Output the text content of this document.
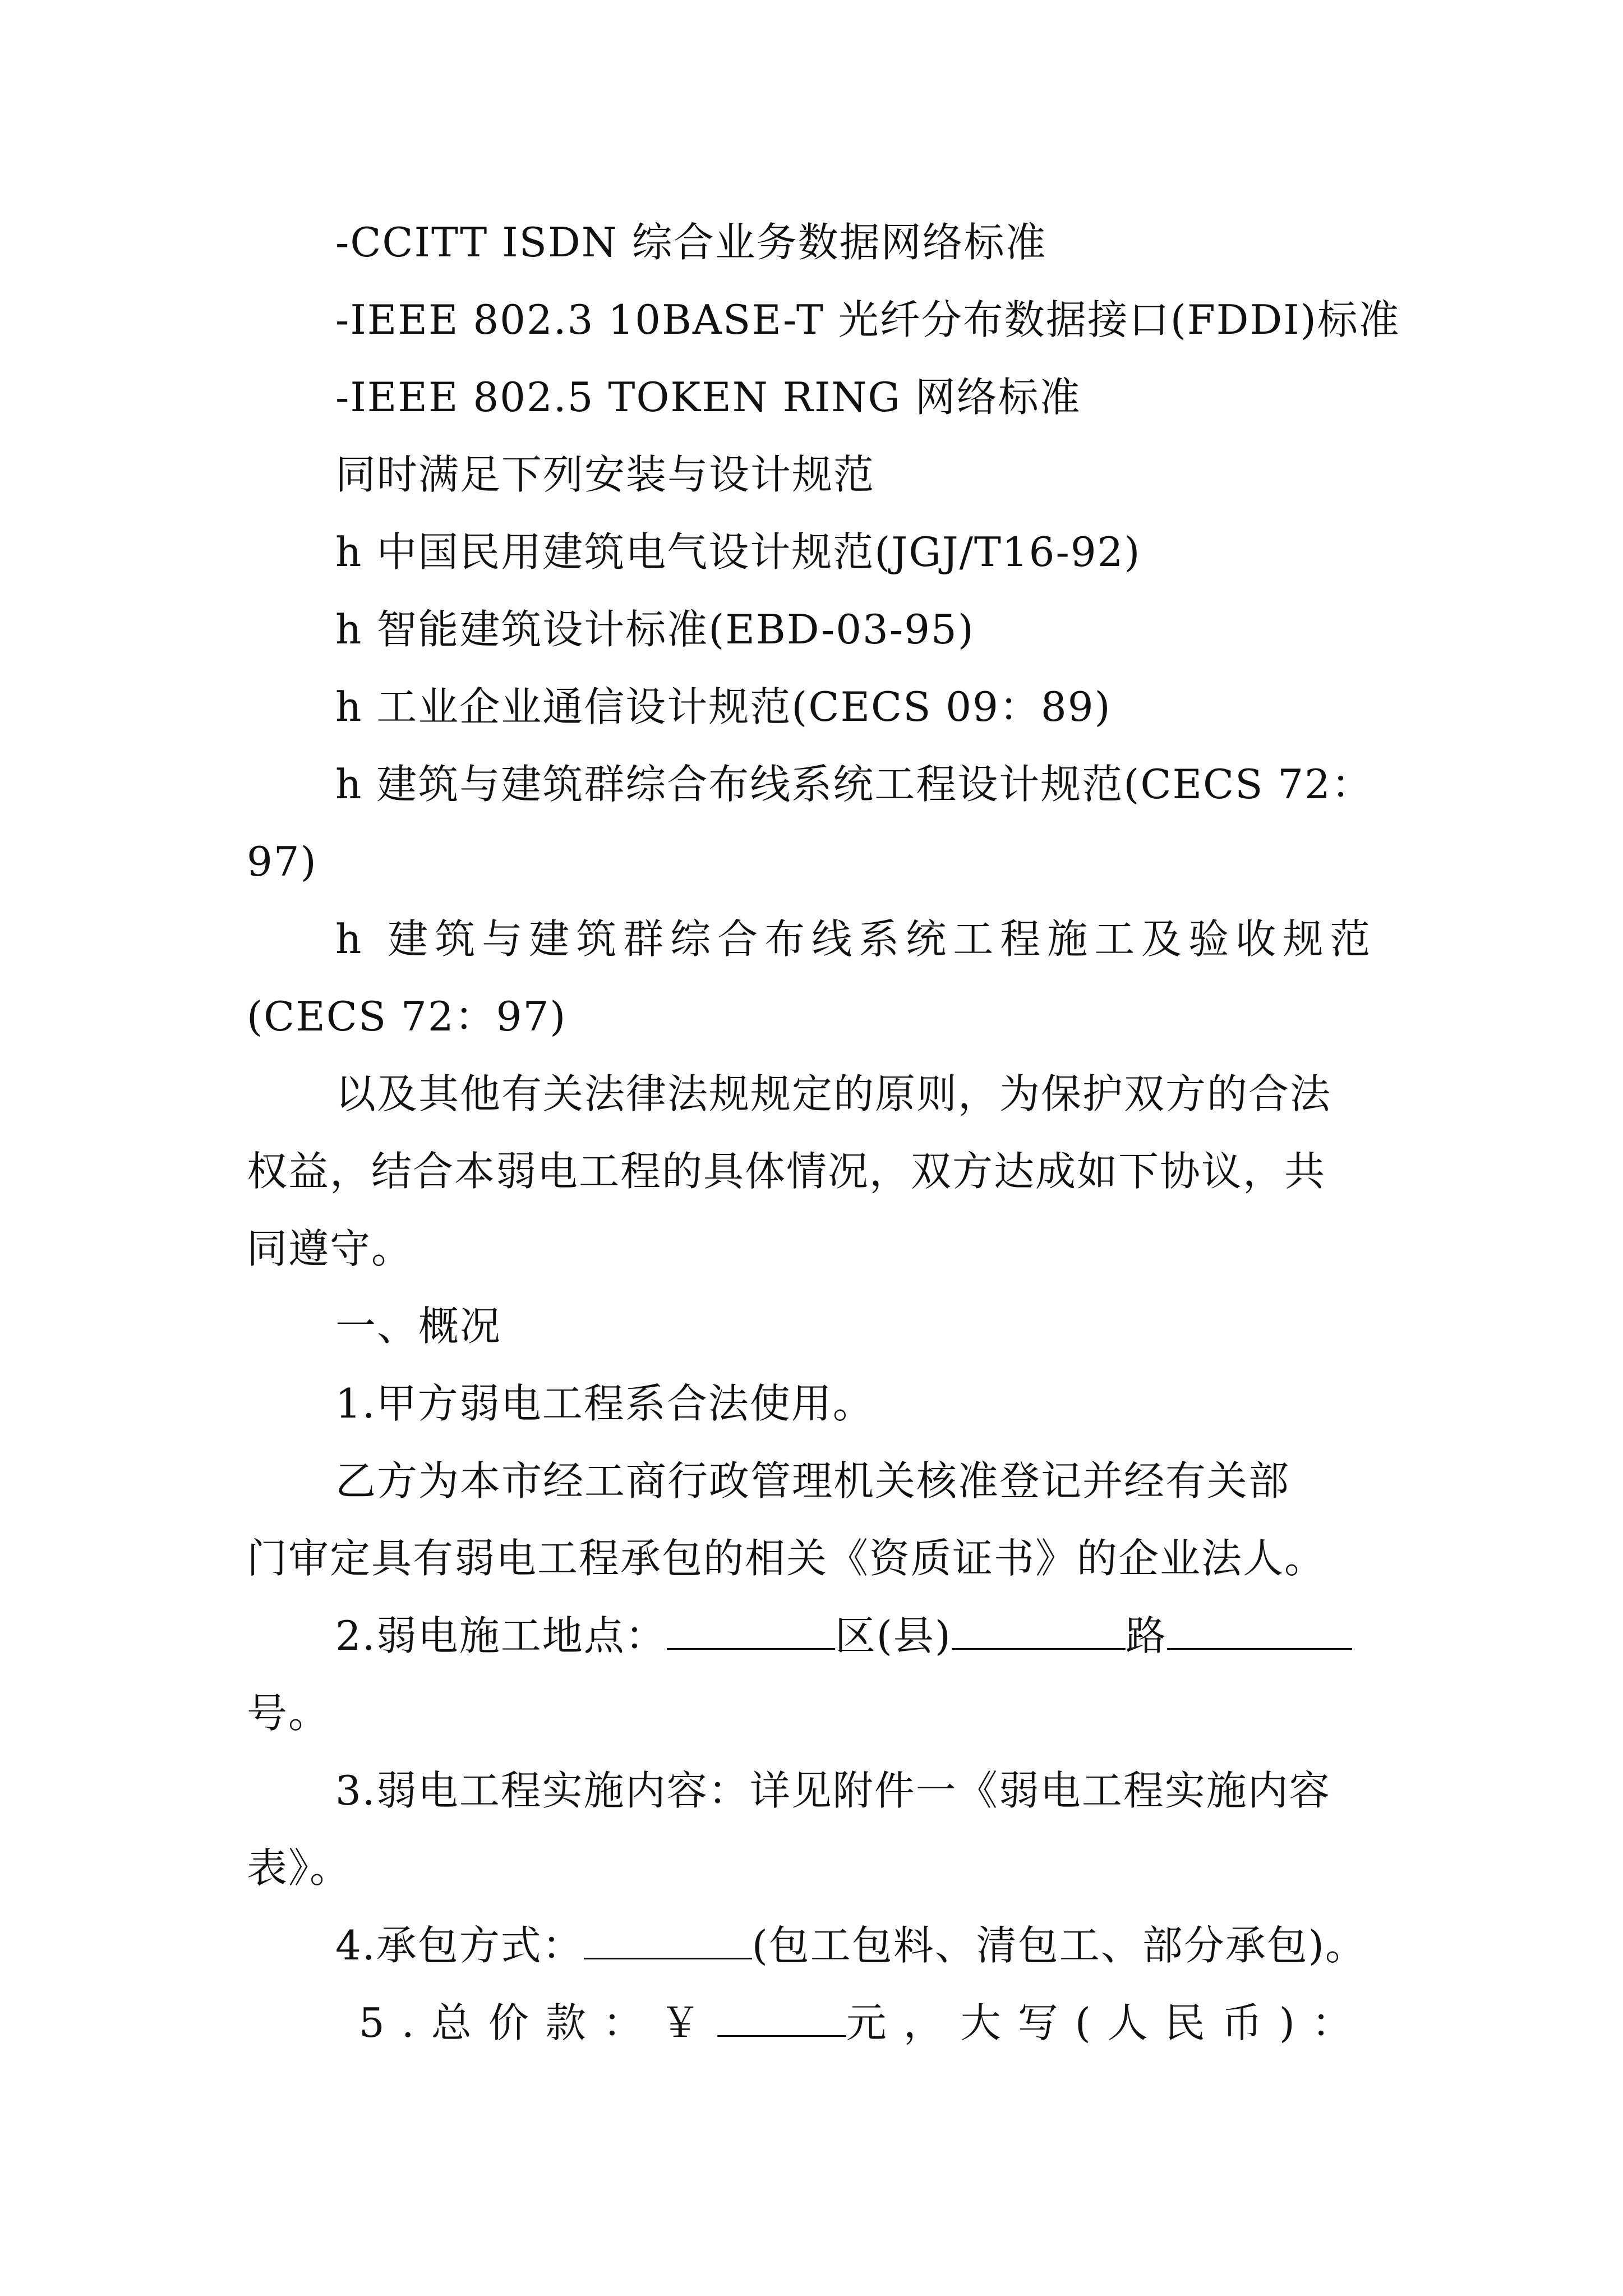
-CCITT ISDN 综合业务数据网络标准
-IEEE 802.3 10BASE-T 光纤分布数据接口(FDDI)标准
-IEEE 802.5 TOKEN RING 网络标准
同时满足下列安装与设计规范
h 中国民用建筑电气设计规范(JGJ/T16-92)
h 智能建筑设计标准(EBD-03-95)
h 工业企业通信设计规范(CECS 09：89)
h 建筑与建筑群综合布线系统工程设计规范(CECS 72：
97)
h 建筑与建筑群综合布线系统工程施工及验收规范
(CECS 72：97)
以及其他有关法律法规规定的原则，为保护双方的合法
权益，结合本弱电工程的具体情况，双方达成如下协议，共
同遵守。
一、概况
1.甲方弱电工程系合法使用。
乙方为本市经工商行政管理机关核准登记并经有关部
门审定具有弱电工程承包的相关《资质证书》的企业法人。
2.弱电施工地点：	区(县)	路
号。
3.弱电工程实施内容：详见附件一《弱电工程实施内容
表》。
4.承包方式：	(包工包料、清包工、部分承包)。
5.总价款：￥	元，大写(人民币)：
